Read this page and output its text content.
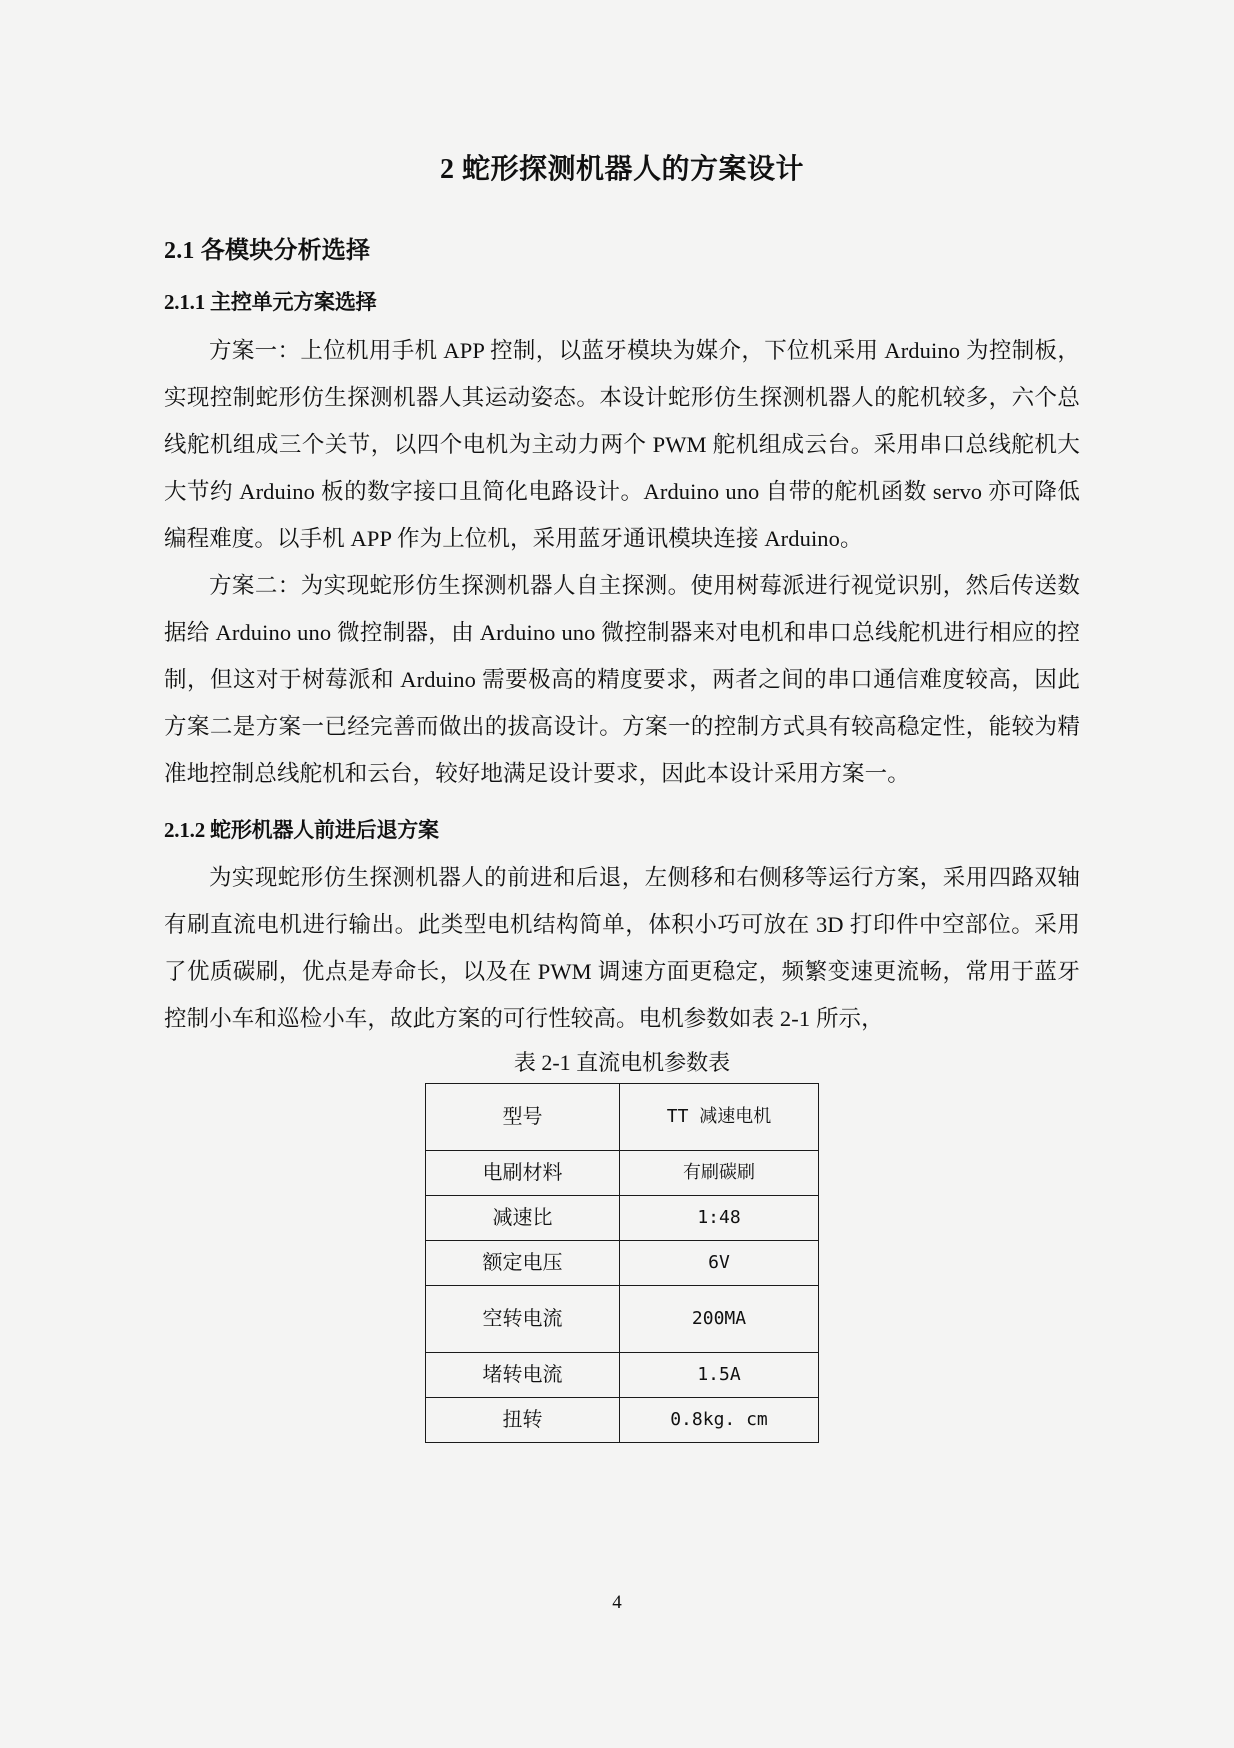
2 蛇形探测机器人的方案设计
2.1 各模块分析选择
2.1.1 主控单元方案选择

方案一：上位机用手机 APP 控制，以蓝牙模块为媒介，下位机采用 Arduino 为控制板，实现控制蛇形仿生探测机器人其运动姿态。本设计蛇形仿生探测机器人的舵机较多，六个总线舵机组成三个关节，以四个电机为主动力两个 PWM 舵机组成云台。采用串口总线舵机大大节约 Arduino 板的数字接口且简化电路设计。Arduino uno 自带的舵机函数 servo 亦可降低编程难度。以手机 APP 作为上位机，采用蓝牙通讯模块连接 Arduino。

方案二：为实现蛇形仿生探测机器人自主探测。使用树莓派进行视觉识别，然后传送数据给 Arduino uno 微控制器，由 Arduino uno 微控制器来对电机和串口总线舵机进行相应的控制，但这对于树莓派和 Arduino 需要极高的精度要求，两者之间的串口通信难度较高，因此方案二是方案一已经完善而做出的拔高设计。方案一的控制方式具有较高稳定性，能较为精准地控制总线舵机和云台，较好地满足设计要求，因此本设计采用方案一。

2.1.2 蛇形机器人前进后退方案

为实现蛇形仿生探测机器人的前进和后退，左侧移和右侧移等运行方案，采用四路双轴有刷直流电机进行输出。此类型电机结构简单，体积小巧可放在 3D 打印件中空部位。采用了优质碳刷，优点是寿命长，以及在 PWM 调速方面更稳定，频繁变速更流畅，常用于蓝牙控制小车和巡检小车，故此方案的可行性较高。电机参数如表 2-1 所示，

表 2-1 直流电机参数表
型号	TT 减速电机
电刷材料	有刷碳刷
减速比	1:48
额定电压	6V
空转电流	200MA
堵转电流	1.5A
扭转	0.8kg. cm
4
